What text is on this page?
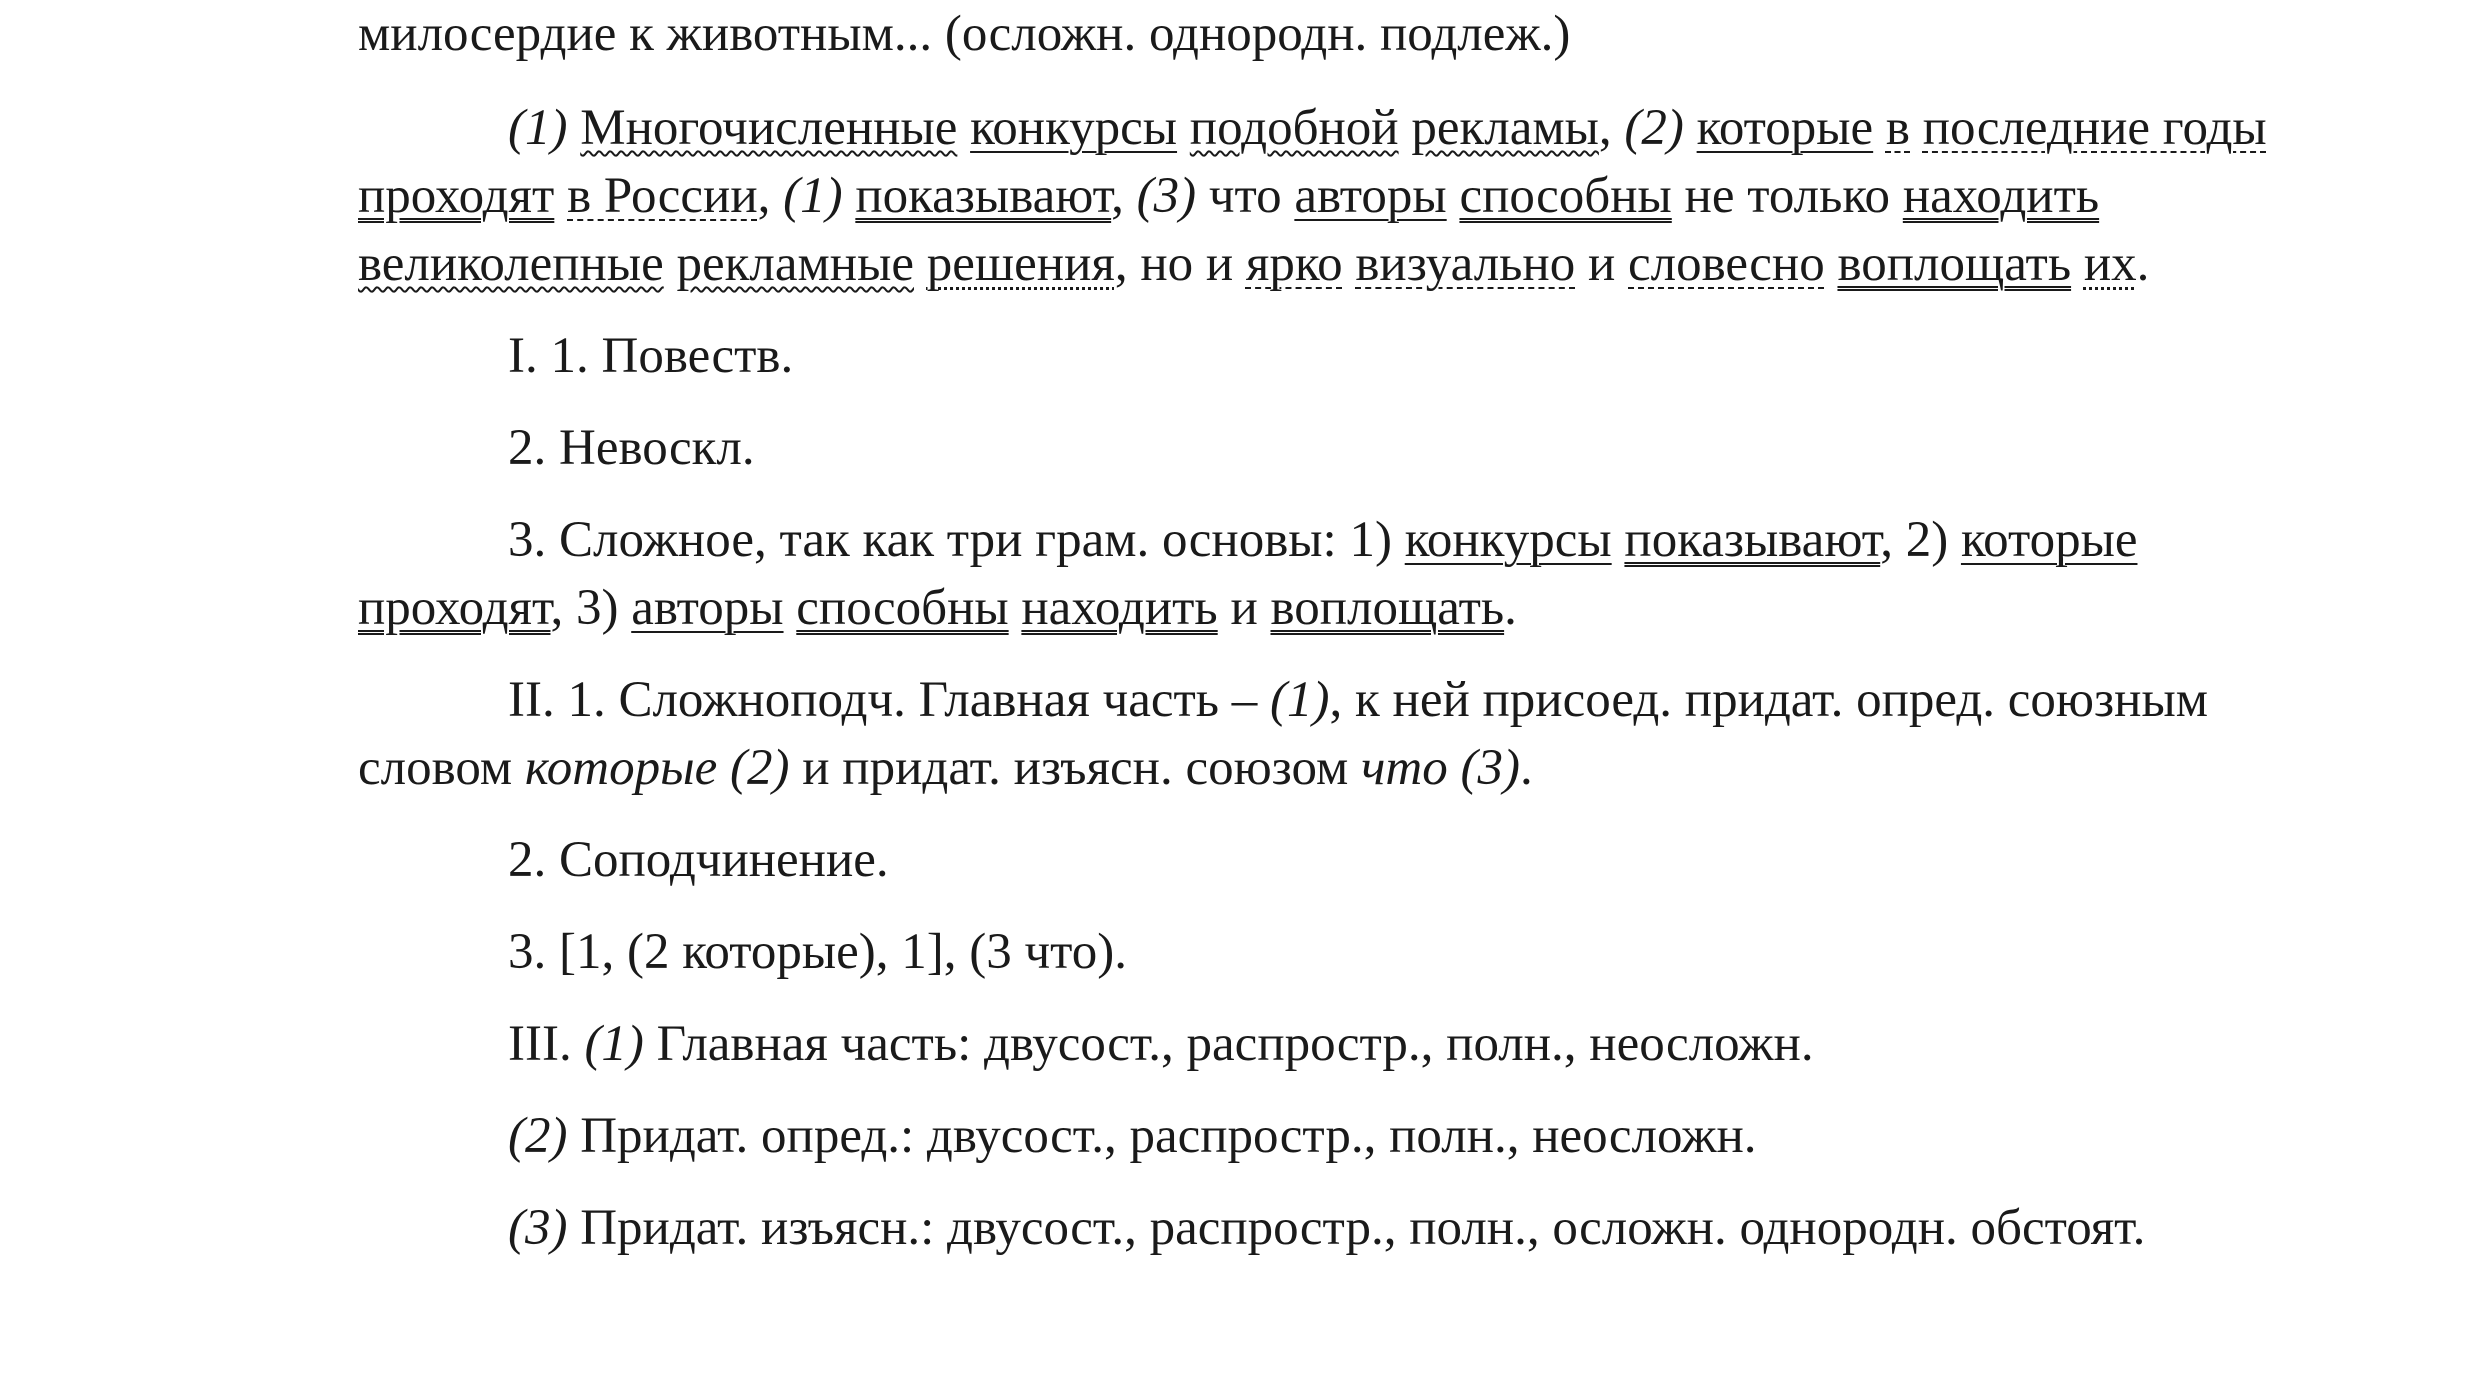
милосердие к животным... (осложн. однородн. подлеж.)

(1) Многочисленные конкурсы подобной рекламы, (2) которые в последние годы проходят в России, (1) показывают, (3) что авторы способны не только находить великолепные рекламные решения, но и ярко визуально и словесно воплощать их.

I. 1. Повеств.

2. Невоскл.

3. Сложное, так как три грам. основы: 1) конкурсы показывают, 2) которые проходят, 3) авторы способны находить и воплощать.

II. 1. Сложноподч. Главная часть – (1), к ней присоед. придат. опред. союзным словом которые (2) и придат. изъясн. союзом что (3).

2. Соподчинение.

3. [1, (2 которые), 1], (3 что).

III. (1) Главная часть: двусост., распростр., полн., неосложн.

(2) Придат. опред.: двусост., распростр., полн., неосложн.

(3) Придат. изъясн.: двусост., распростр., полн., осложн. однородн. обстоят.
